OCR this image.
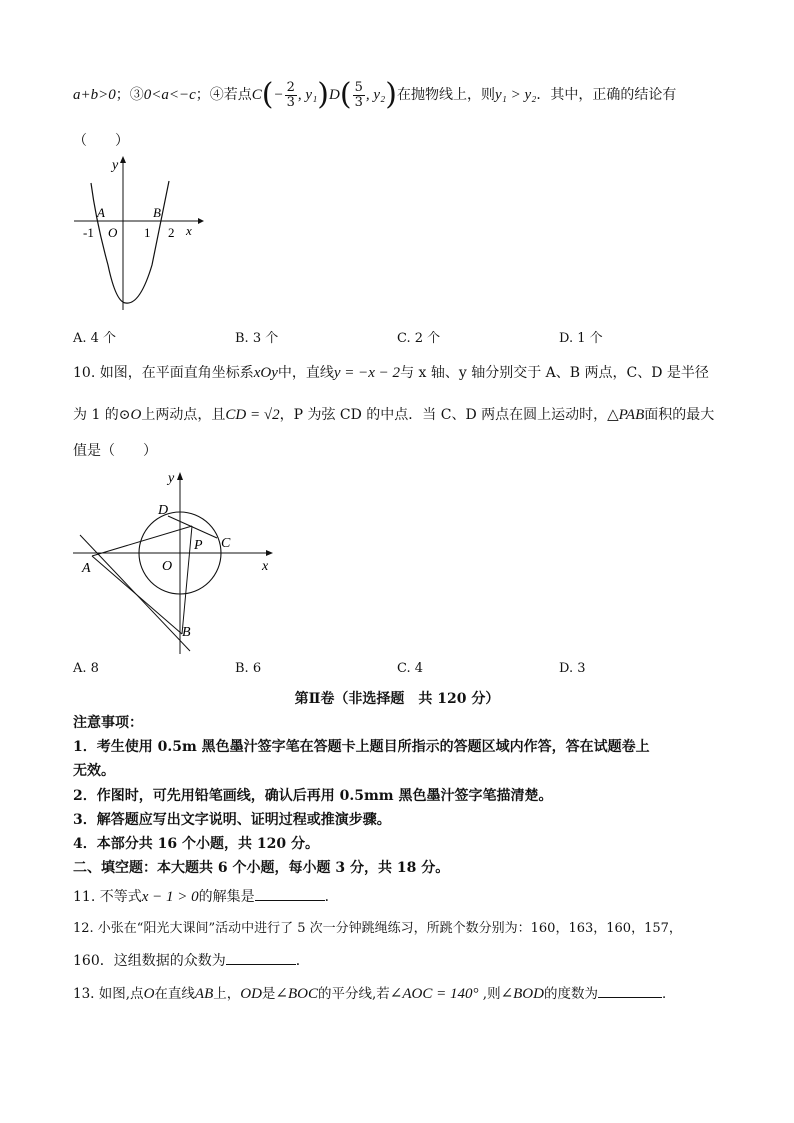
a+b>0；③0<a<−c；④若点$C(- \frac{2}{3}$ , $y_1)D( \frac{5}{3}$ , y₂)在抛物线上，则y₁ > y₂．其中，正确的结论有
（　　）
y
A	B
-1 O 1 2 x
A. 4 个	B. 3 个	C. 2 个	D. 1 个
10. 如图，在平面直角坐标系xOy中，直线y = −x − 2与 x 轴、y 轴分别交于 A、B 两点，C、D 是半径
为 1 的⊙O上两动点，且CD = √2，P 为弦 CD 的中点．当 C、D 两点在圆上运动时，△PAB面积的最大
值是（　　）
y
D
P C
A	O	x
B
A. 8	B. 6	C. 4	D. 3
第Ⅱ卷（非选择题　共 120 分）
注意事项：
1．考生使用 0.5m 黑色墨汁签字笔在答题卡上题目所指示的答题区域内作答，答在试题卷上
无效。
2．作图时，可先用铅笔画线，确认后再用 0.5mm 黑色墨汁签字笔描清楚。
3．解答题应写出文字说明、证明过程或推演步骤。
4．本部分共 16 个小题，共 120 分。
二、填空题：本大题共 6 个小题，每小题 3 分，共 18 分。
11. 不等式x − 1 > 0的解集是	．
12. 小张在“阳光大课间”活动中进行了 5 次一分钟跳绳练习，所跳个数分别为：160，163，160，157，
160．这组数据的众数为	．
13. 如图,点O在直线AB上，OD是∠BOC的平分线,若∠AOC = 140° ,则∠BOD的度数为	．
